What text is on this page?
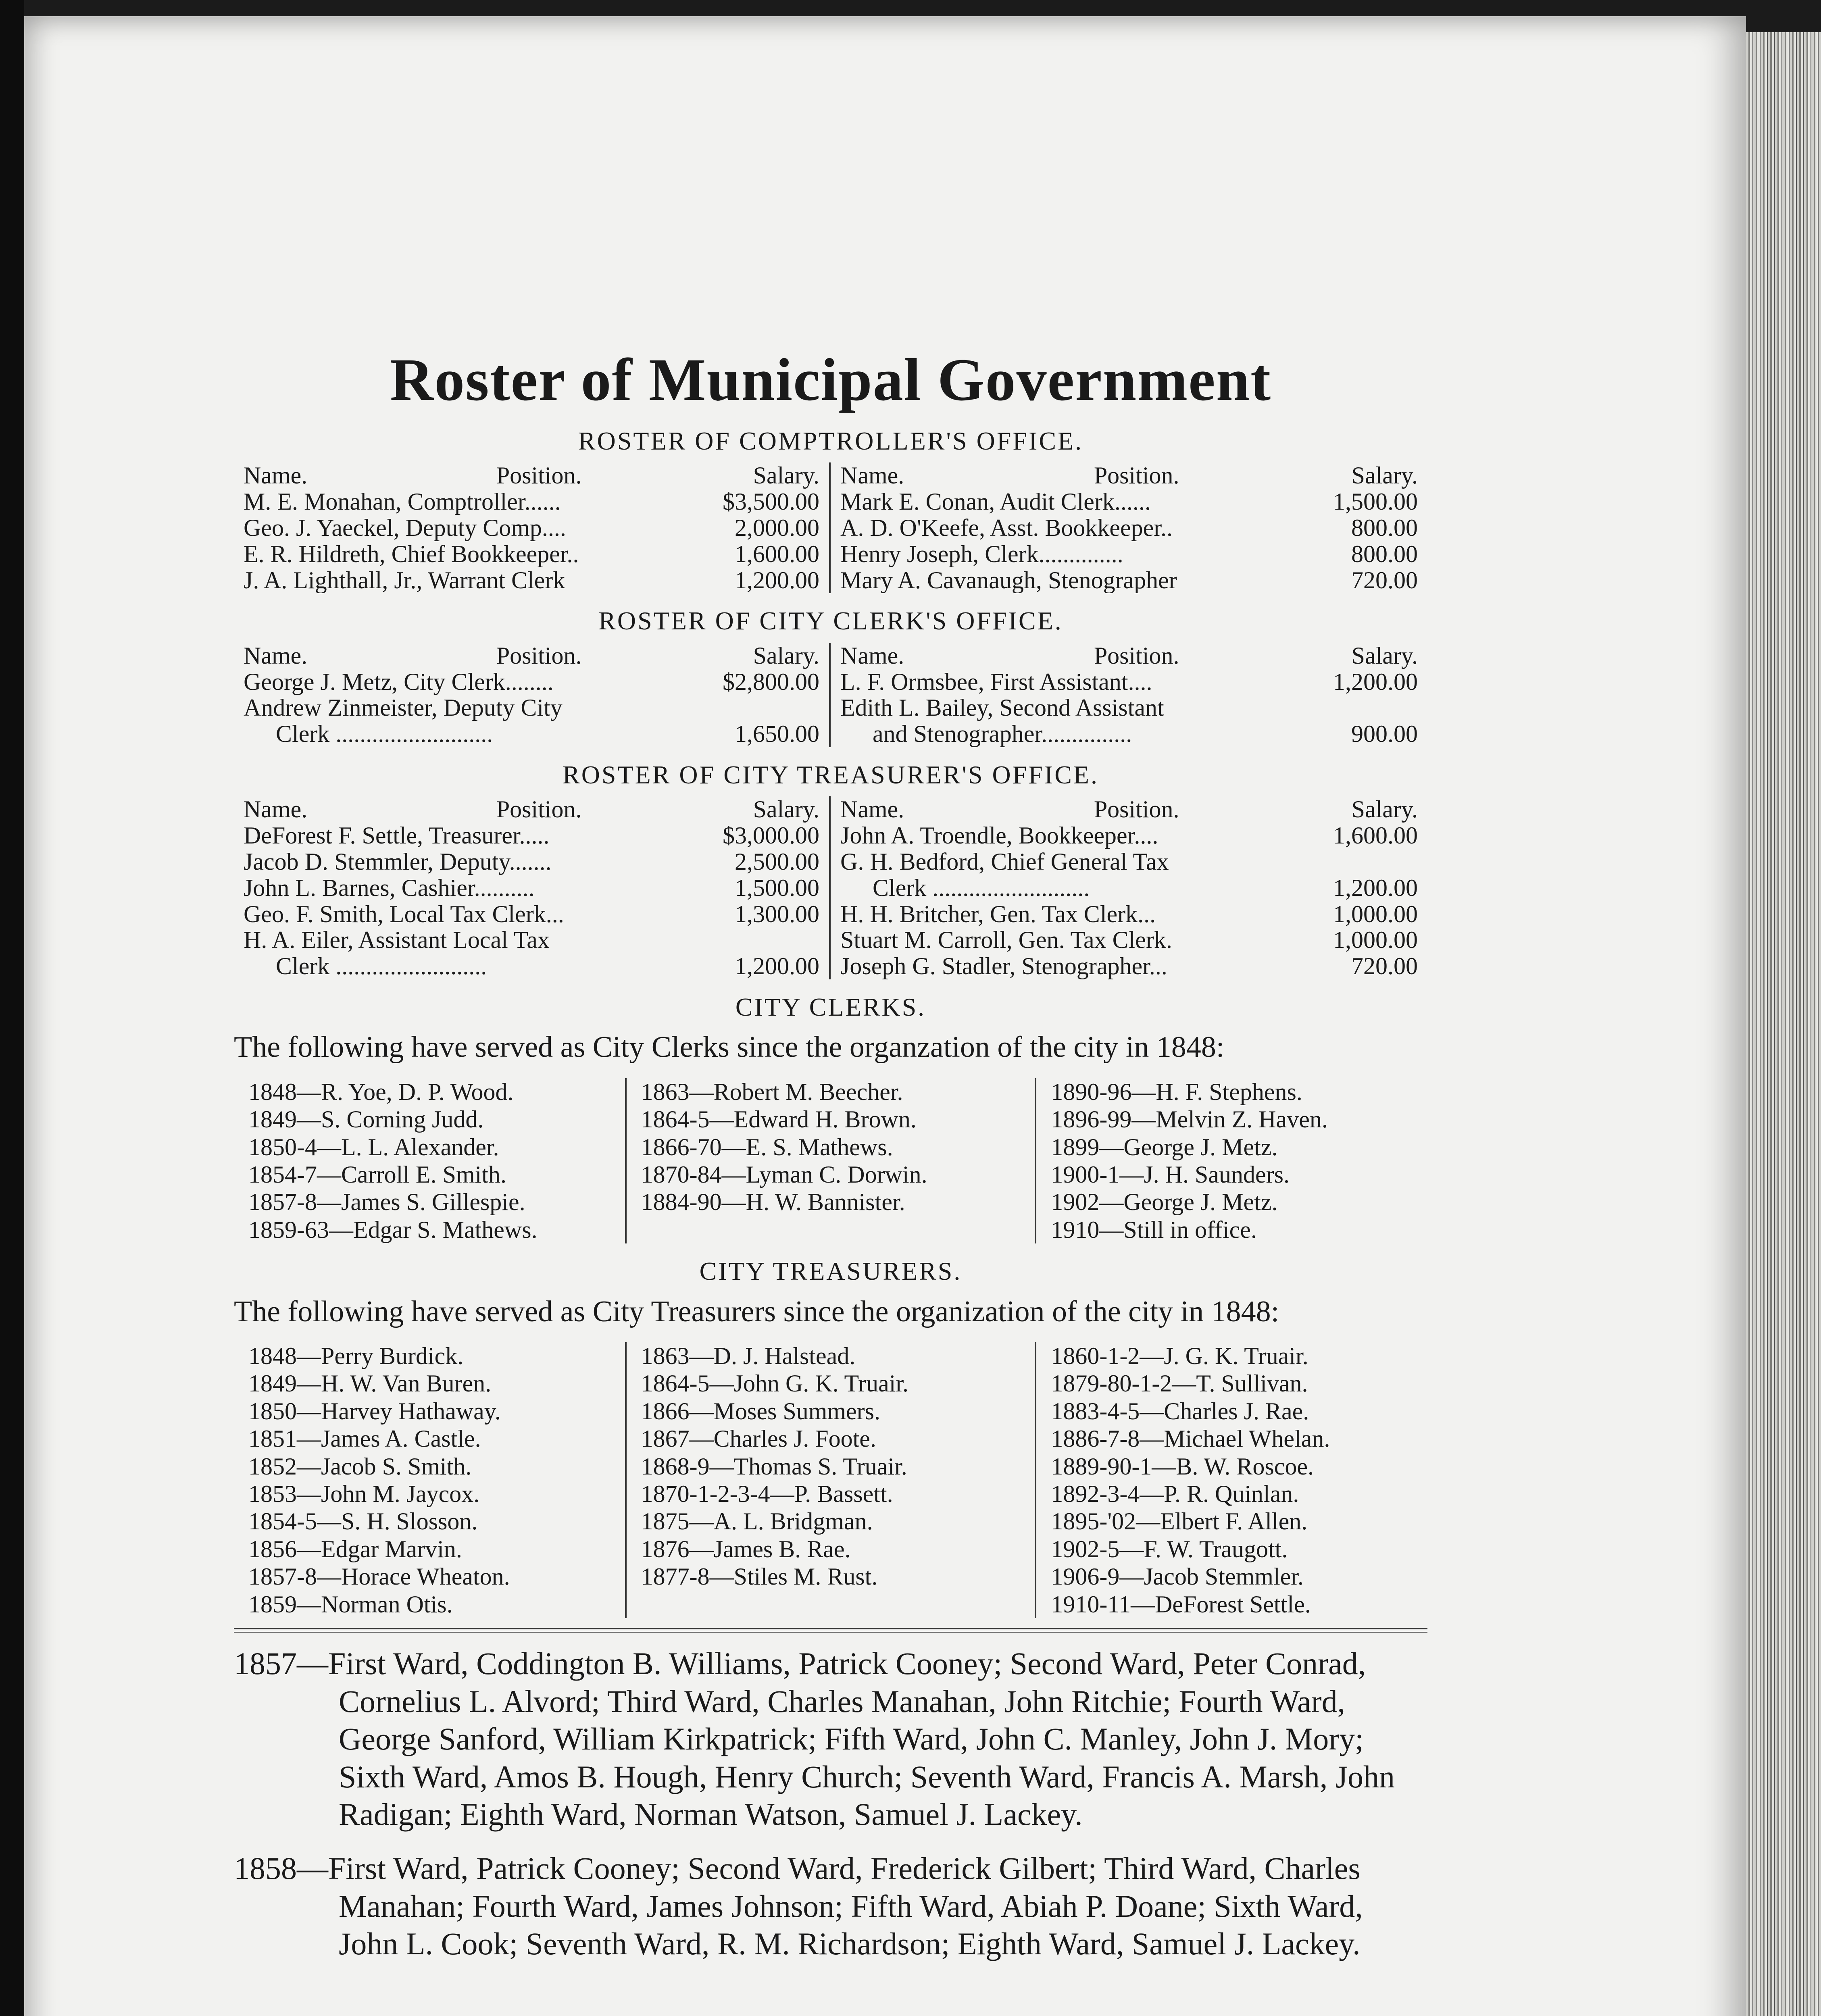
Roster of Municipal Government
ROSTER OF COMPTROLLER'S OFFICE.
Name.	Position.	Salary.
M. E. Monahan, Comptroller......	$3,500.00
Geo. J. Yaeckel, Deputy Comp....	2,000.00
E. R. Hildreth, Chief Bookkeeper..	1,600.00
J. A. Lighthall, Jr., Warrant Clerk	1,200.00
Name.	Position.	Salary.
Mark E. Conan, Audit Clerk......	1,500.00
A. D. O'Keefe, Asst. Bookkeeper..	800.00
Henry Joseph, Clerk..............	800.00
Mary A. Cavanaugh, Stenographer	720.00
ROSTER OF CITY CLERK'S OFFICE.
Name.	Position.	Salary.
George J. Metz, City Clerk........	$2,800.00
Andrew Zinmeister, Deputy City
Clerk ..........................	1,650.00
Name.	Position.	Salary.
L. F. Ormsbee, First Assistant....	1,200.00
Edith L. Bailey, Second Assistant
and Stenographer...............	900.00
ROSTER OF CITY TREASURER'S OFFICE.
Name.	Position.	Salary.
DeForest F. Settle, Treasurer.....	$3,000.00
Jacob D. Stemmler, Deputy.......	2,500.00
John L. Barnes, Cashier..........	1,500.00
Geo. F. Smith, Local Tax Clerk...	1,300.00
H. A. Eiler, Assistant Local Tax
Clerk .........................	1,200.00
Name.	Position.	Salary.
John A. Troendle, Bookkeeper....	1,600.00
G. H. Bedford, Chief General Tax
Clerk ..........................	1,200.00
H. H. Britcher, Gen. Tax Clerk...	1,000.00
Stuart M. Carroll, Gen. Tax Clerk.	1,000.00
Joseph G. Stadler, Stenographer...	720.00
CITY CLERKS.
The following have served as City Clerks since the organzation of the city in 1848:
1848—R. Yoe, D. P. Wood.
1849—S. Corning Judd.
1850-4—L. L. Alexander.
1854-7—Carroll E. Smith.
1857-8—James S. Gillespie.
1859-63—Edgar S. Mathews.
1863—Robert M. Beecher.
1864-5—Edward H. Brown.
1866-70—E. S. Mathews.
1870-84—Lyman C. Dorwin.
1884-90—H. W. Bannister.
1890-96—H. F. Stephens.
1896-99—Melvin Z. Haven.
1899—George J. Metz.
1900-1—J. H. Saunders.
1902—George J. Metz.
1910—Still in office.
CITY TREASURERS.
The following have served as City Treasurers since the organization of the city in 1848:
1848—Perry Burdick.
1849—H. W. Van Buren.
1850—Harvey Hathaway.
1851—James A. Castle.
1852—Jacob S. Smith.
1853—John M. Jaycox.
1854-5—S. H. Slosson.
1856—Edgar Marvin.
1857-8—Horace Wheaton.
1859—Norman Otis.
1863—D. J. Halstead.
1864-5—John G. K. Truair.
1866—Moses Summers.
1867—Charles J. Foote.
1868-9—Thomas S. Truair.
1870-1-2-3-4—P. Bassett.
1875—A. L. Bridgman.
1876—James B. Rae.
1877-8—Stiles M. Rust.
1860-1-2—J. G. K. Truair.
1879-80-1-2—T. Sullivan.
1883-4-5—Charles J. Rae.
1886-7-8—Michael Whelan.
1889-90-1—B. W. Roscoe.
1892-3-4—P. R. Quinlan.
1895-'02—Elbert F. Allen.
1902-5—F. W. Traugott.
1906-9—Jacob Stemmler.
1910-11—DeForest Settle.

1857—First Ward, Coddington B. Williams, Patrick Cooney; Second Ward, Peter Conrad, Cornelius L. Alvord; Third Ward, Charles Manahan, John Ritchie; Fourth Ward, George Sanford, William Kirkpatrick; Fifth Ward, John C. Manley, John J. Mory; Sixth Ward, Amos B. Hough, Henry Church; Seventh Ward, Francis A. Marsh, John Radigan; Eighth Ward, Norman Watson, Samuel J. Lackey.

1858—First Ward, Patrick Cooney; Second Ward, Frederick Gilbert; Third Ward, Charles Manahan; Fourth Ward, James Johnson; Fifth Ward, Abiah P. Doane; Sixth Ward, John L. Cook; Seventh Ward, R. M. Richardson; Eighth Ward, Samuel J. Lackey.
